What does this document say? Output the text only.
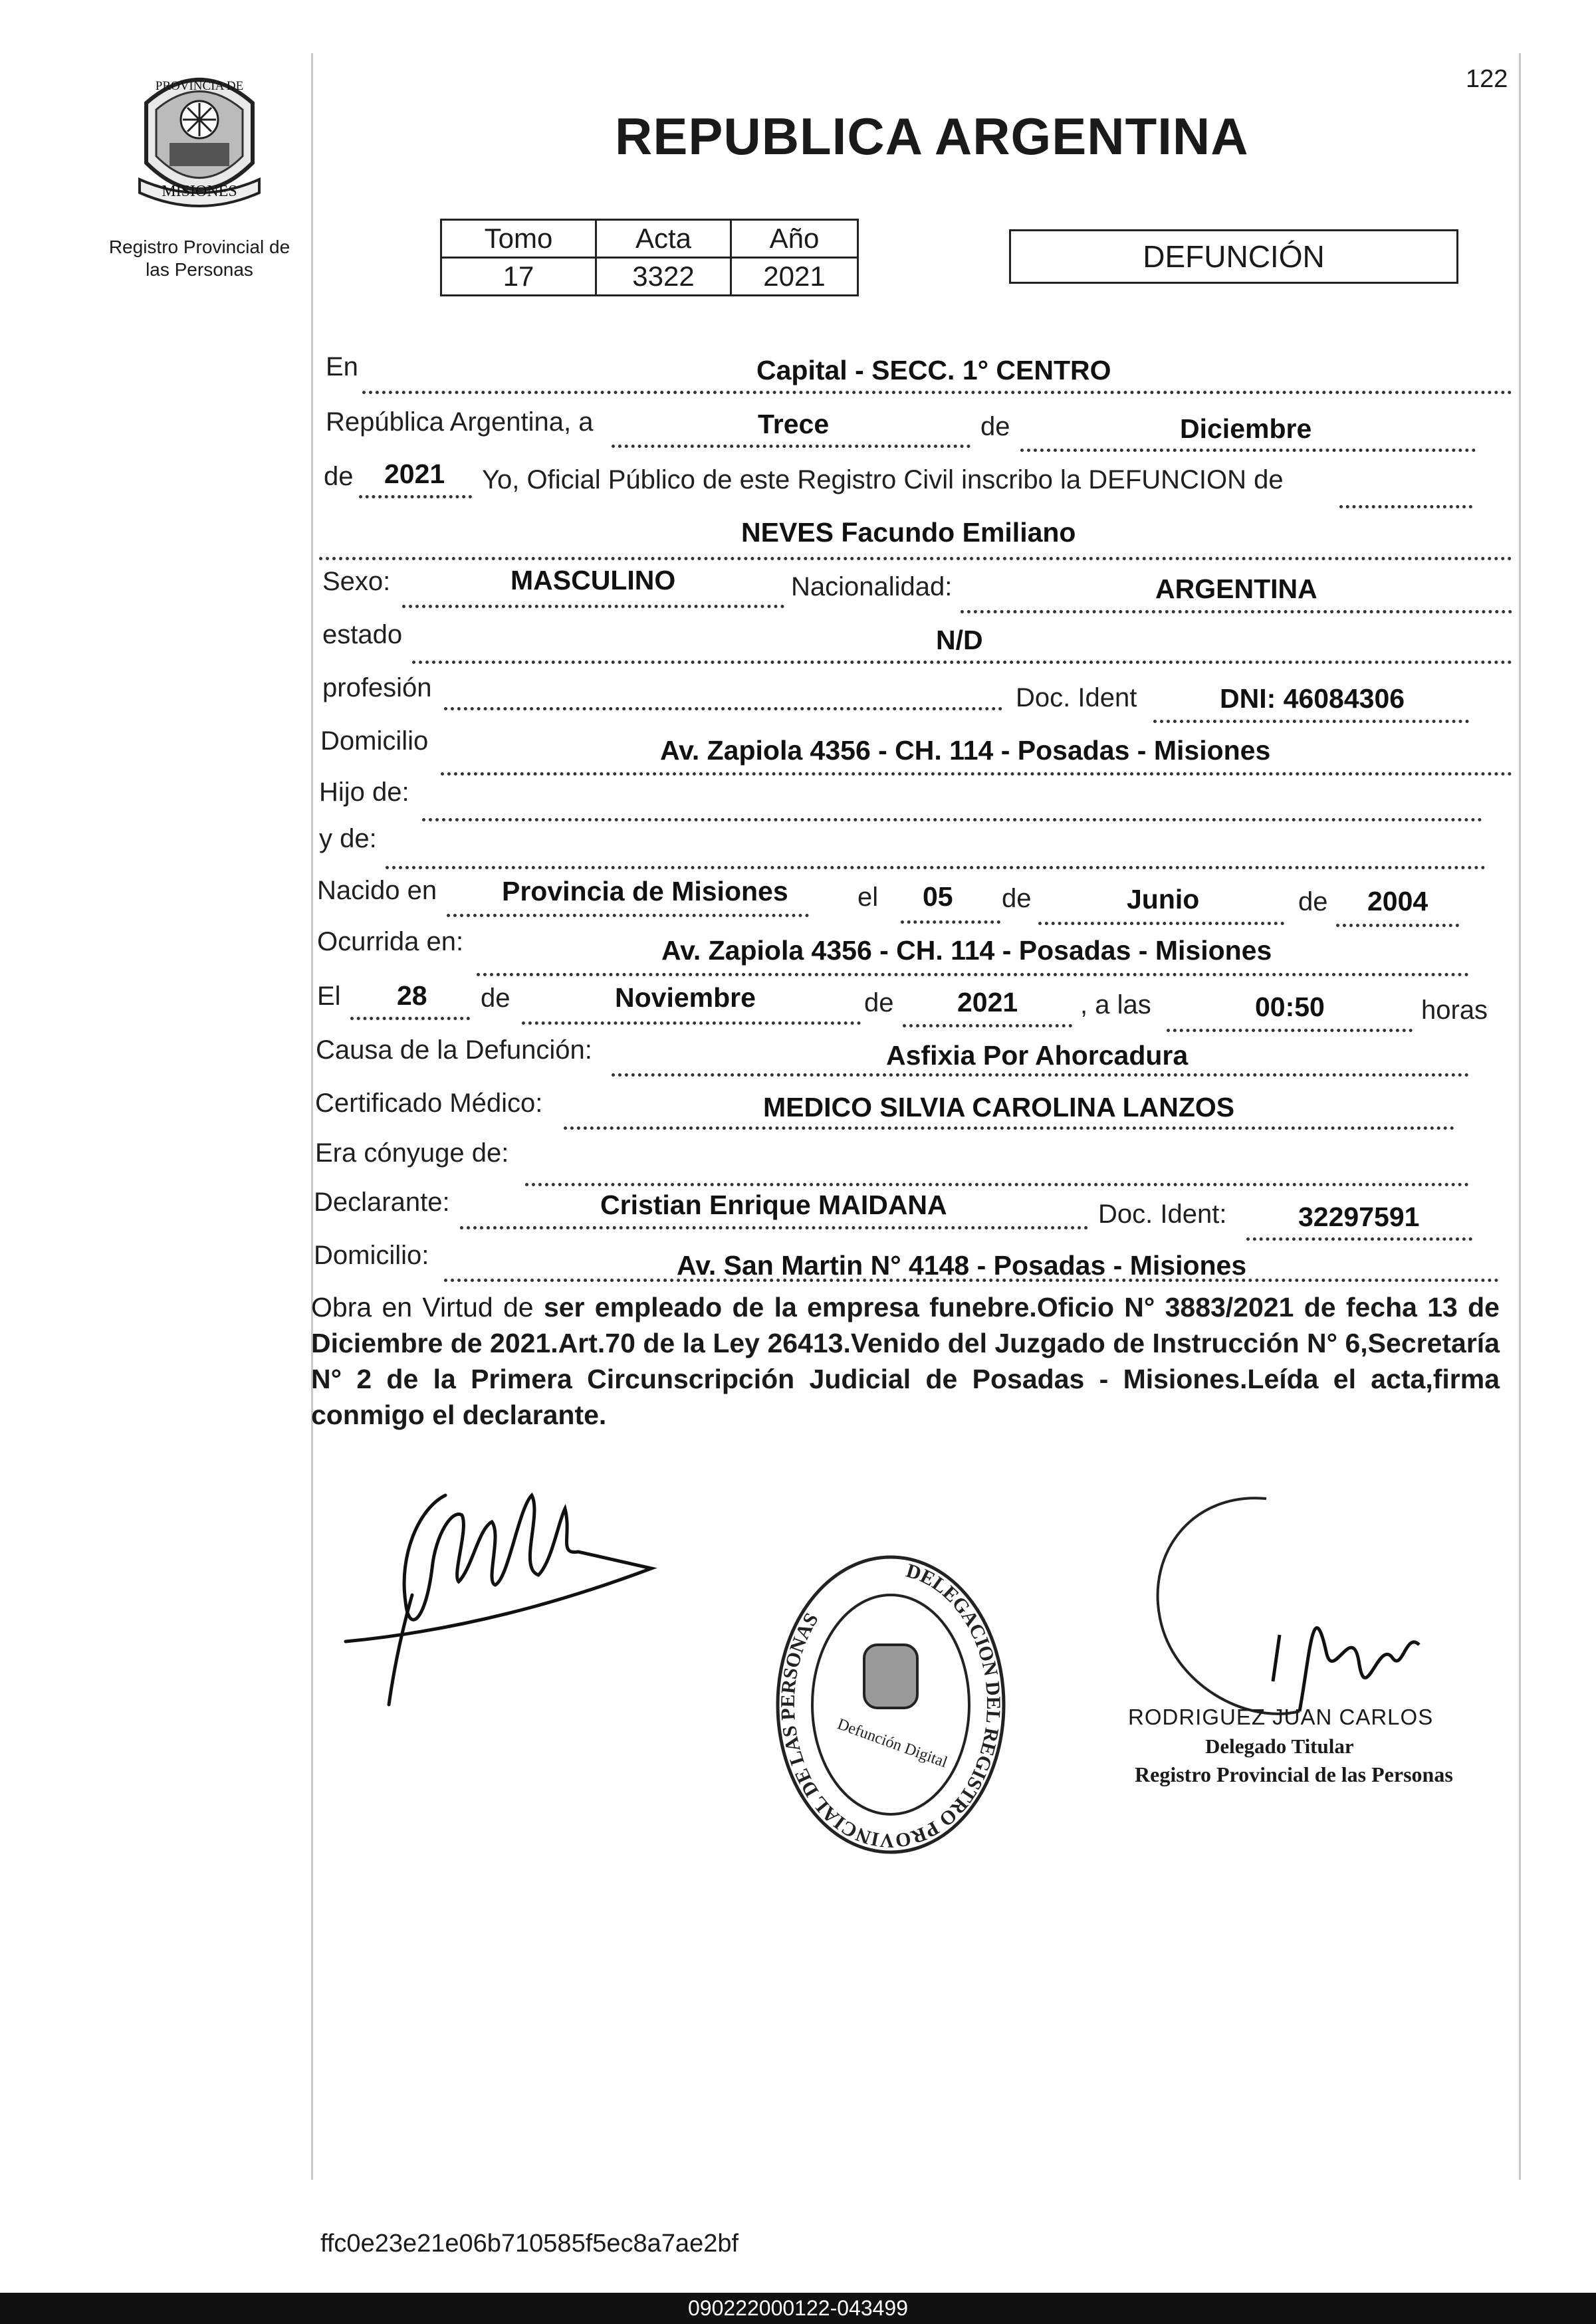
PROVINCIA DE
MISIONES
Registro Provincial de
las Personas
122
REPUBLICA ARGENTINA
Tomo	Acta	Año
17	3322	2021
DEFUNCIÓN
En	Capital - SECC. 1° CENTRO
República Argentina, a	Trece	de	Diciembre
de 2021 Yo, Oficial Público de este Registro Civil inscribo la DEFUNCION de
NEVES Facundo Emiliano
Sexo:	MASCULINO	Nacionalidad:	ARGENTINA
estado	N/D
profesión	Doc. Ident	DNI: 46084306
Domicilio	Av. Zapiola 4356 - CH. 114 - Posadas - Misiones
Hijo de:
y de:
Nacido en Provincia de Misiones	el 05 de	Junio	de 2004
Ocurrida en:	Av. Zapiola 4356 - CH. 114 - Posadas - Misiones
El 28 de	Noviembre	de 2021 , a las	00:50	horas
Causa de la Defunción:	Asfixia Por Ahorcadura
Certificado Médico:	MEDICO SILVIA CAROLINA LANZOS
Era cónyuge de:
Declarante:	Cristian Enrique MAIDANA	Doc. Ident:	32297591
Domicilio:	Av. San Martin N° 4148 - Posadas - Misiones
Obra en Virtud de ser empleado de la empresa funebre.Oficio N° 3883/2021 de fecha 13 de Diciembre de 2021.Art.70 de la Ley 26413.Venido del Juzgado de Instrucción N° 6,Secretaría N° 2 de la Primera Circunscripción Judicial de Posadas - Misiones.Leída el acta,firma conmigo el declarante.
DELEGACION DEL REGISTRO PROVINCIAL DE LAS PERSONAS
Defunción Digital	RODRIGUEZ JUAN CARLOS
Delegado Titular
Registro Provincial de las Personas
ffc0e23e21e06b710585f5ec8a7ae2bf
090222000122-043499
